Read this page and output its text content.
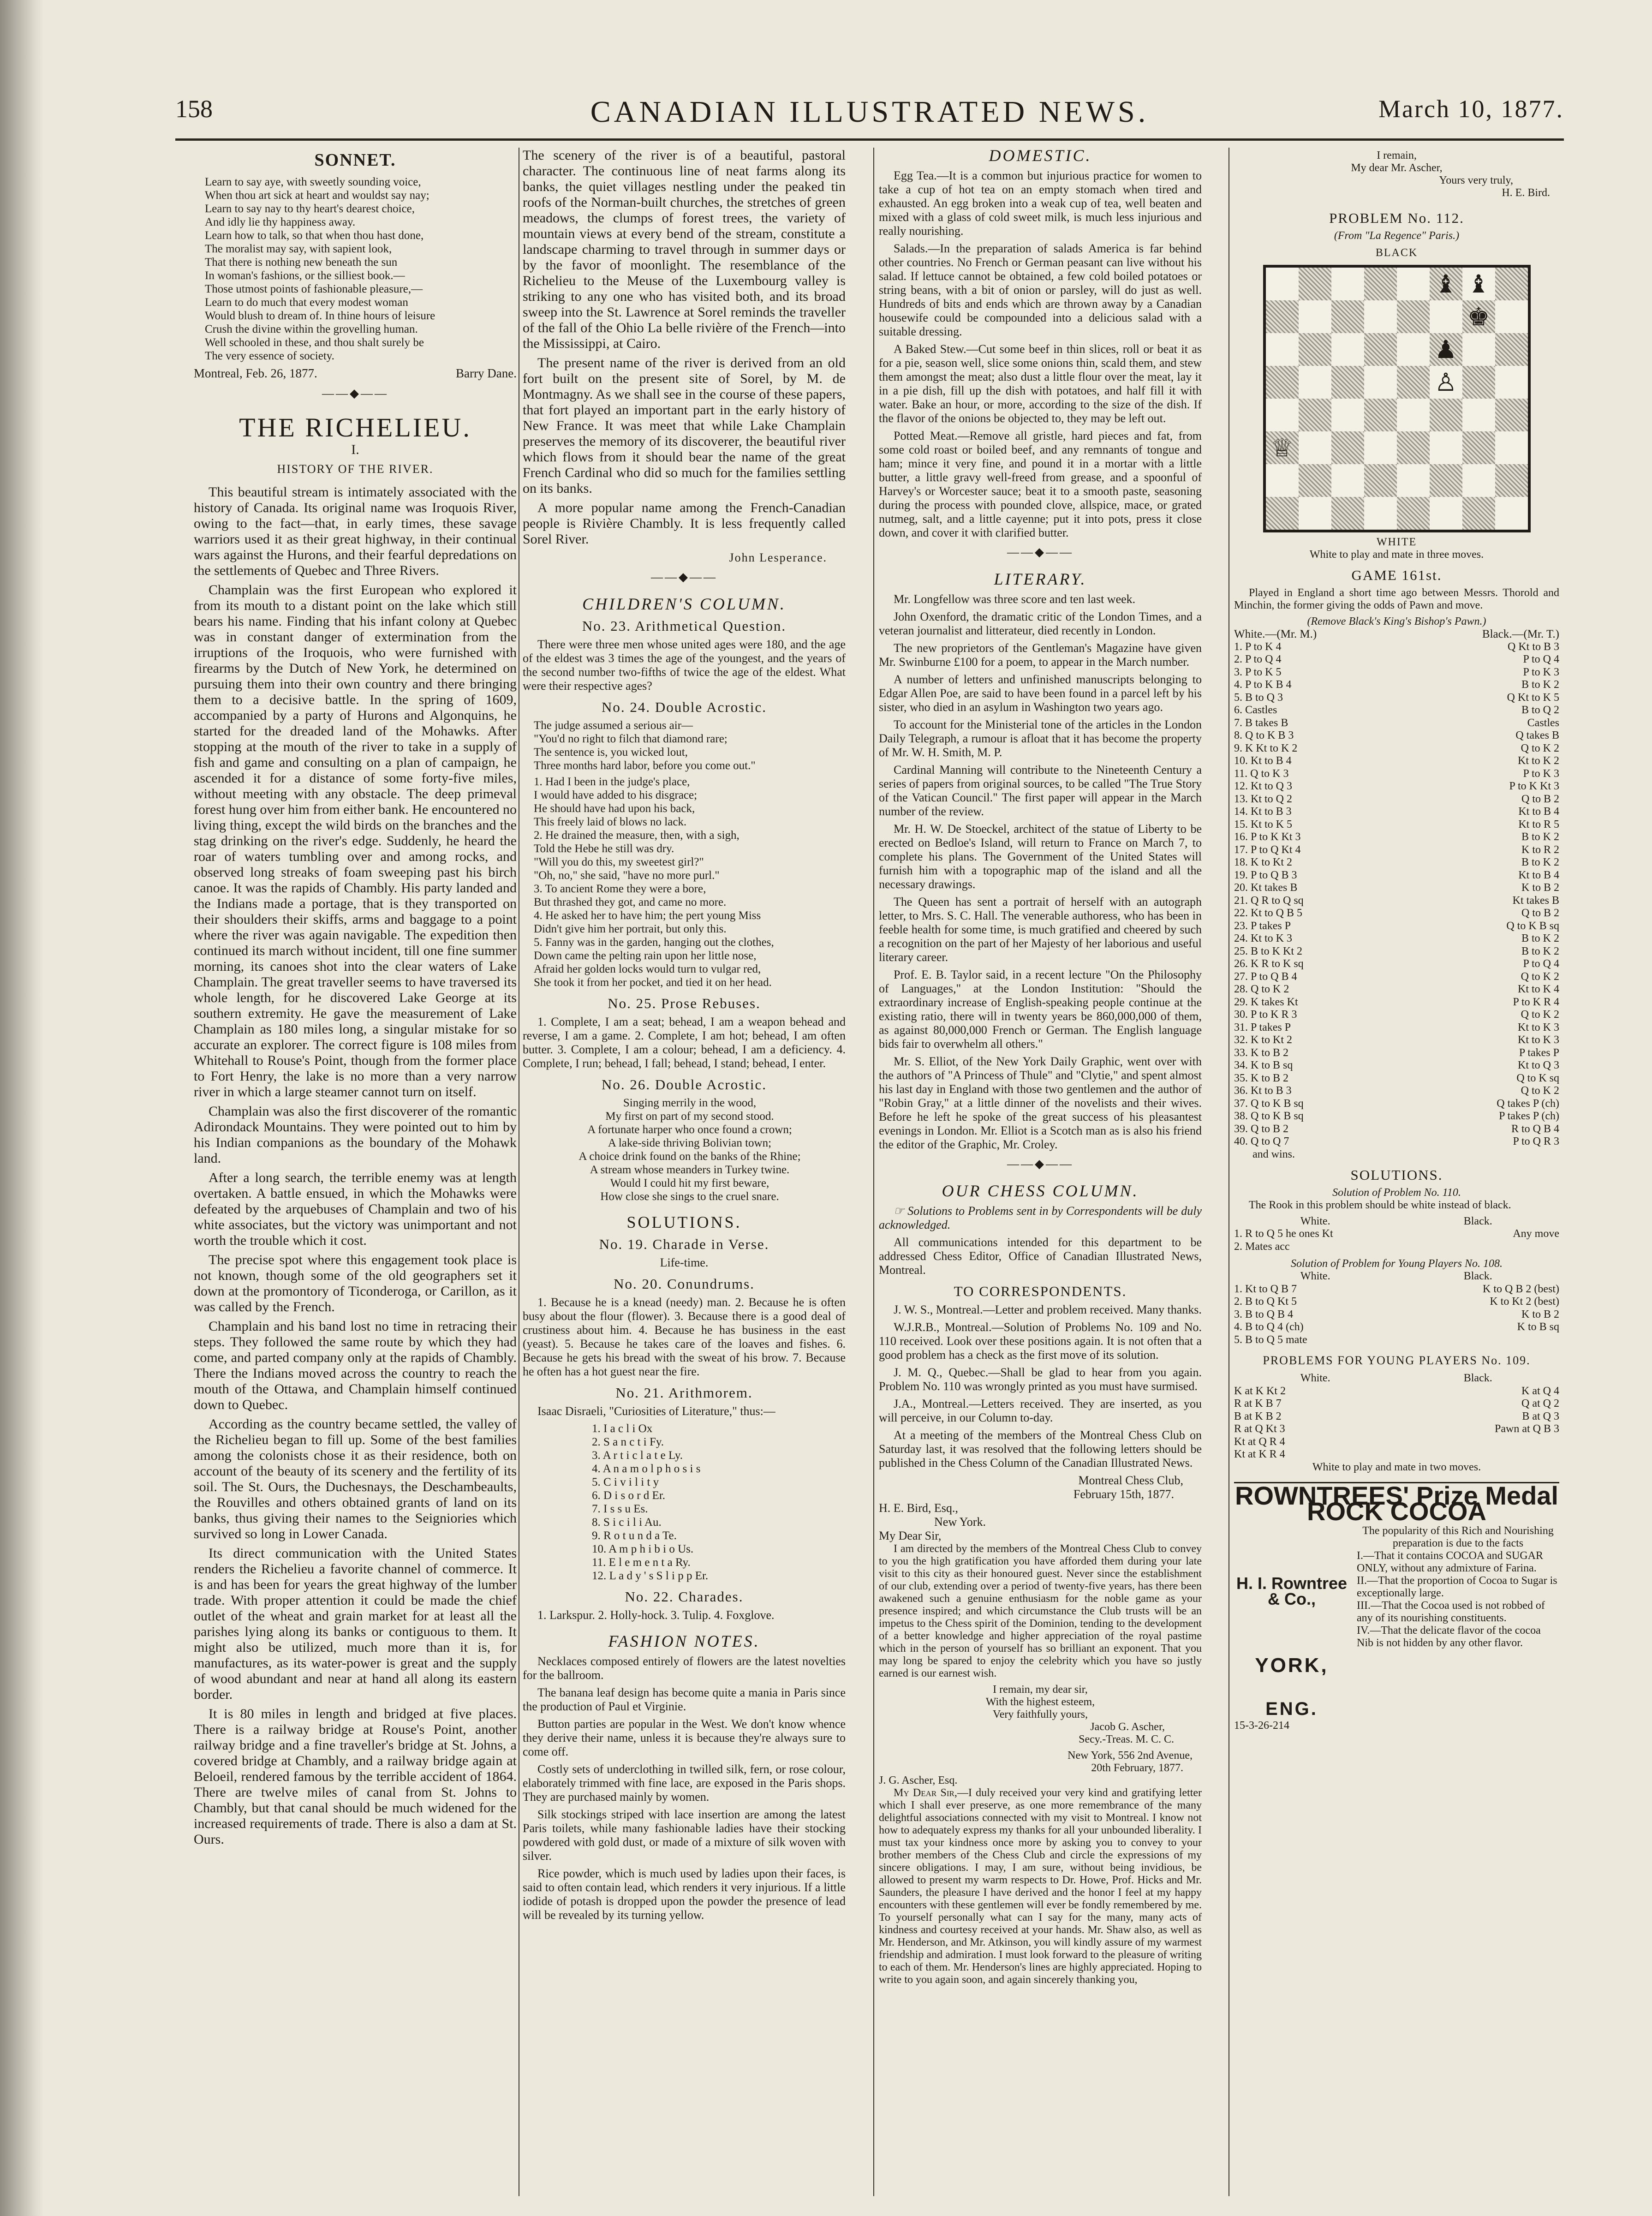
158	CANADIAN ILLUSTRATED NEWS.	March 10, 1877.
SONNET.
Learn to say aye, with sweetly sounding voice,
When thou art sick at heart and wouldst say nay;
Learn to say nay to thy heart's dearest choice,
And idly lie thy happiness away.
Learn how to talk, so that when thou hast done,
The moralist may say, with sapient look,
That there is nothing new beneath the sun
In woman's fashions, or the silliest book.—
Those utmost points of fashionable pleasure,—
Learn to do much that every modest woman
Would blush to dream of. In thine hours of leisure
Crush the divine within the grovelling human.
Well schooled in these, and thou shalt surely be
The very essence of society.
Montreal, Feb. 26, 1877.	Barry Dane.
——◆——
THE RICHELIEU.
I.
HISTORY OF THE RIVER.

This beautiful stream is intimately associated with the history of Canada. Its original name was Iroquois River, owing to the fact—that, in early times, these savage warriors used it as their great highway, in their continual wars against the Hurons, and their fearful depredations on the settlements of Quebec and Three Rivers.

Champlain was the first European who explored it from its mouth to a distant point on the lake which still bears his name. Finding that his infant colony at Quebec was in constant danger of extermination from the irruptions of the Iroquois, who were furnished with firearms by the Dutch of New York, he determined on pursuing them into their own country and there bringing them to a decisive battle. In the spring of 1609, accompanied by a party of Hurons and Algonquins, he started for the dreaded land of the Mohawks. After stopping at the mouth of the river to take in a supply of fish and game and consulting on a plan of campaign, he ascended it for a distance of some forty-five miles, without meeting with any obstacle. The deep primeval forest hung over him from either bank. He encountered no living thing, except the wild birds on the branches and the stag drinking on the river's edge. Suddenly, he heard the roar of waters tumbling over and among rocks, and observed long streaks of foam sweeping past his birch canoe. It was the rapids of Chambly. His party landed and the Indians made a portage, that is they transported on their shoulders their skiffs, arms and baggage to a point where the river was again navigable. The expedition then continued its march without incident, till one fine summer morning, its canoes shot into the clear waters of Lake Champlain. The great traveller seems to have traversed its whole length, for he discovered Lake George at its southern extremity. He gave the measurement of Lake Champlain as 180 miles long, a singular mistake for so accurate an explorer. The correct figure is 108 miles from Whitehall to Rouse's Point, though from the former place to Fort Henry, the lake is no more than a very narrow river in which a large steamer cannot turn on itself.

Champlain was also the first discoverer of the romantic Adirondack Mountains. They were pointed out to him by his Indian companions as the boundary of the Mohawk land.

After a long search, the terrible enemy was at length overtaken. A battle ensued, in which the Mohawks were defeated by the arquebuses of Champlain and two of his white associates, but the victory was unimportant and not worth the trouble which it cost.

The precise spot where this engagement took place is not known, though some of the old geographers set it down at the promontory of Ticonderoga, or Carillon, as it was called by the French.

Champlain and his band lost no time in retracing their steps. They followed the same route by which they had come, and parted company only at the rapids of Chambly. There the Indians moved across the country to reach the mouth of the Ottawa, and Champlain himself continued down to Quebec.

According as the country became settled, the valley of the Richelieu began to fill up. Some of the best families among the colonists chose it as their residence, both on account of the beauty of its scenery and the fertility of its soil. The St. Ours, the Duchesnays, the Deschambeaults, the Rouvilles and others obtained grants of land on its banks, thus giving their names to the Seigniories which survived so long in Lower Canada.

Its direct communication with the United States renders the Richelieu a favorite channel of commerce. It is and has been for years the great highway of the lumber trade. With proper attention it could be made the chief outlet of the wheat and grain market for at least all the parishes lying along its banks or contiguous to them. It might also be utilized, much more than it is, for manufactures, as its water-power is great and the supply of wood abundant and near at hand all along its eastern border.

It is 80 miles in length and bridged at five places. There is a railway bridge at Rouse's Point, another railway bridge and a fine traveller's bridge at St. Johns, a covered bridge at Chambly, and a railway bridge again at Beloeil, rendered famous by the terrible accident of 1864. There are twelve miles of canal from St. Johns to Chambly, but that canal should be much widened for the increased requirements of trade. There is also a dam at St. Ours.

The scenery of the river is of a beautiful, pastoral character. The continuous line of neat farms along its banks, the quiet villages nestling under the peaked tin roofs of the Norman-built churches, the stretches of green meadows, the clumps of forest trees, the variety of mountain views at every bend of the stream, constitute a landscape charming to travel through in summer days or by the favor of moonlight. The resemblance of the Richelieu to the Meuse of the Luxembourg valley is striking to any one who has visited both, and its broad sweep into the St. Lawrence at Sorel reminds the traveller of the fall of the Ohio La belle rivière of the French—into the Mississippi, at Cairo.

The present name of the river is derived from an old fort built on the present site of Sorel, by M. de Montmagny. As we shall see in the course of these papers, that fort played an important part in the early history of New France. It was meet that while Lake Champlain preserves the memory of its discoverer, the beautiful river which flows from it should bear the name of the great French Cardinal who did so much for the families settling on its banks.

A more popular name among the French-Canadian people is Rivière Chambly. It is less frequently called Sorel River.

John Lesperance.
——◆——
CHILDREN'S COLUMN.
No. 23. Arithmetical Question.

There were three men whose united ages were 180, and the age of the eldest was 3 times the age of the youngest, and the years of the second number two-fifths of twice the age of the eldest. What were their respective ages?

No. 24. Double Acrostic.
The judge assumed a serious air—
"You'd no right to filch that diamond rare;
The sentence is, you wicked lout,
Three months hard labor, before you come out."
1. Had I been in the judge's place,
I would have added to his disgrace;
He should have had upon his back,
This freely laid of blows no lack.
2. He drained the measure, then, with a sigh,
Told the Hebe he still was dry.
"Will you do this, my sweetest girl?"
"Oh, no," she said, "have no more purl."
3. To ancient Rome they were a bore,
But thrashed they got, and came no more.
4. He asked her to have him; the pert young Miss
Didn't give him her portrait, but only this.
5. Fanny was in the garden, hanging out the clothes,
Down came the pelting rain upon her little nose,
Afraid her golden locks would turn to vulgar red,
She took it from her pocket, and tied it on her head.
No. 25. Prose Rebuses.

1. Complete, I am a seat; behead, I am a weapon behead and reverse, I am a game. 2. Complete, I am hot; behead, I am often butter. 3. Complete, I am a colour; behead, I am a deficiency. 4. Complete, I run; behead, I fall; behead, I stand; behead, I enter.

No. 26. Double Acrostic.
Singing merrily in the wood,
My first on part of my second stood.
A fortunate harper who once found a crown;
A lake-side thriving Bolivian town;
A choice drink found on the banks of the Rhine;
A stream whose meanders in Turkey twine.
Would I could hit my first beware,
How close she sings to the cruel snare.
SOLUTIONS.
No. 19. Charade in Verse.
Life-time.
No. 20. Conundrums.

1. Because he is a knead (needy) man. 2. Because he is often busy about the flour (flower). 3. Because there is a good deal of crustiness about him. 4. Because he has business in the east (yeast). 5. Because he takes care of the loaves and fishes. 6. Because he gets his bread with the sweat of his brow. 7. Because he often has a hot guest near the fire.

No. 21. Arithmorem.

Isaac Disraeli, "Curiosities of Literature," thus:—

1. I a c l i Ox
2. S a n c t i Fy.
3. A r t i c l a t e Ly.
4. A n a m o l p h o s i s
5. C i v i l i t y
6. D i s o r d Er.
7. I s s u Es.
8. S i c i l i Au.
9. R o t u n d a Te.
10. A m p h i b i o Us.
11. E l e m e n t a Ry.
12. L a d y ' s S l i p p Er.
No. 22. Charades.

1. Larkspur. 2. Holly-hock. 3. Tulip. 4. Foxglove.

FASHION NOTES.

Necklaces composed entirely of flowers are the latest novelties for the ballroom.

The banana leaf design has become quite a mania in Paris since the production of Paul et Virginie.

Button parties are popular in the West. We don't know whence they derive their name, unless it is because they're always sure to come off.

Costly sets of underclothing in twilled silk, fern, or rose colour, elaborately trimmed with fine lace, are exposed in the Paris shops. They are purchased mainly by women.

Silk stockings striped with lace insertion are among the latest Paris toilets, while many fashionable ladies have their stocking powdered with gold dust, or made of a mixture of silk woven with silver.

Rice powder, which is much used by ladies upon their faces, is said to often contain lead, which renders it very injurious. If a little iodide of potash is dropped upon the powder the presence of lead will be revealed by its turning yellow.

DOMESTIC.

Egg Tea.—It is a common but injurious practice for women to take a cup of hot tea on an empty stomach when tired and exhausted. An egg broken into a weak cup of tea, well beaten and mixed with a glass of cold sweet milk, is much less injurious and really nourishing.

Salads.—In the preparation of salads America is far behind other countries. No French or German peasant can live without his salad. If lettuce cannot be obtained, a few cold boiled potatoes or string beans, with a bit of onion or parsley, will do just as well. Hundreds of bits and ends which are thrown away by a Canadian housewife could be compounded into a delicious salad with a suitable dressing.

A Baked Stew.—Cut some beef in thin slices, roll or beat it as for a pie, season well, slice some onions thin, scald them, and stew them amongst the meat; also dust a little flour over the meat, lay it in a pie dish, fill up the dish with potatoes, and half fill it with water. Bake an hour, or more, according to the size of the dish. If the flavor of the onions be objected to, they may be left out.

Potted Meat.—Remove all gristle, hard pieces and fat, from some cold roast or boiled beef, and any remnants of tongue and ham; mince it very fine, and pound it in a mortar with a little butter, a little gravy well-freed from grease, and a spoonful of Harvey's or Worcester sauce; beat it to a smooth paste, seasoning during the process with pounded clove, allspice, mace, or grated nutmeg, salt, and a little cayenne; put it into pots, press it close down, and cover it with clarified butter.

——◆——
LITERARY.

Mr. Longfellow was three score and ten last week.

John Oxenford, the dramatic critic of the London Times, and a veteran journalist and litterateur, died recently in London.

The new proprietors of the Gentleman's Magazine have given Mr. Swinburne £100 for a poem, to appear in the March number.

A number of letters and unfinished manuscripts belonging to Edgar Allen Poe, are said to have been found in a parcel left by his sister, who died in an asylum in Washington two years ago.

To account for the Ministerial tone of the articles in the London Daily Telegraph, a rumour is afloat that it has become the property of Mr. W. H. Smith, M. P.

Cardinal Manning will contribute to the Nineteenth Century a series of papers from original sources, to be called "The True Story of the Vatican Council." The first paper will appear in the March number of the review.

Mr. H. W. De Stoeckel, architect of the statue of Liberty to be erected on Bedloe's Island, will return to France on March 7, to complete his plans. The Government of the United States will furnish him with a topographic map of the island and all the necessary drawings.

The Queen has sent a portrait of herself with an autograph letter, to Mrs. S. C. Hall. The venerable authoress, who has been in feeble health for some time, is much gratified and cheered by such a recognition on the part of her Majesty of her laborious and useful literary career.

Prof. E. B. Taylor said, in a recent lecture "On the Philosophy of Languages," at the London Institution: "Should the extraordinary increase of English-speaking people continue at the existing ratio, there will in twenty years be 860,000,000 of them, as against 80,000,000 French or German. The English language bids fair to overwhelm all others."

Mr. S. Elliot, of the New York Daily Graphic, went over with the authors of "A Princess of Thule" and "Clytie," and spent almost his last day in England with those two gentlemen and the author of "Robin Gray," at a little dinner of the novelists and their wives. Before he left he spoke of the great success of his pleasantest evenings in London. Mr. Elliot is a Scotch man as is also his friend the editor of the Graphic, Mr. Croley.

——◆——
OUR CHESS COLUMN.

☞ Solutions to Problems sent in by Correspondents will be duly acknowledged.

All communications intended for this department to be addressed Chess Editor, Office of Canadian Illustrated News, Montreal.

TO CORRESPONDENTS.

J. W. S., Montreal.—Letter and problem received. Many thanks.

W.J.R.B., Montreal.—Solution of Problems No. 109 and No. 110 received. Look over these positions again. It is not often that a good problem has a check as the first move of its solution.

J. M. Q., Quebec.—Shall be glad to hear from you again. Problem No. 110 was wrongly printed as you must have surmised.

J.A., Montreal.—Letters received. They are inserted, as you will perceive, in our Column to-day.

At a meeting of the members of the Montreal Chess Club on Saturday last, it was resolved that the following letters should be published in the Chess Column of the Canadian Illustrated News.

Montreal Chess Club,
February 15th, 1877.
H. E. Bird, Esq.,
New York.
My Dear Sir,

I am directed by the members of the Montreal Chess Club to convey to you the high gratification you have afforded them during your late visit to this city as their honoured guest. Never since the establishment of our club, extending over a period of twenty-five years, has there been awakened such a genuine enthusiasm for the noble game as your presence inspired; and which circumstance the Club trusts will be an impetus to the Chess spirit of the Dominion, tending to the development of a better knowledge and higher appreciation of the royal pastime which in the person of yourself has so brilliant an exponent. That you may long be spared to enjoy the celebrity which you have so justly earned is our earnest wish.

I remain, my dear sir,
With the highest esteem,
Very faithfully yours,
Jacob G. Ascher,
Secy.-Treas. M. C. C.
New York, 556 2nd Avenue,
20th February, 1877.
J. G. Ascher, Esq.

My Dear Sir,—I duly received your very kind and gratifying letter which I shall ever preserve, as one more remembrance of the many delightful associations connected with my visit to Montreal. I know not how to adequately express my thanks for all your unbounded liberality. I must tax your kindness once more by asking you to convey to your brother members of the Chess Club and circle the expressions of my sincere obligations. I may, I am sure, without being invidious, be allowed to present my warm respects to Dr. Howe, Prof. Hicks and Mr. Saunders, the pleasure I have derived and the honor I feel at my happy encounters with these gentlemen will ever be fondly remembered by me. To yourself personally what can I say for the many, many acts of kindness and courtesy received at your hands. Mr. Shaw also, as well as Mr. Henderson, and Mr. Atkinson, you will kindly assure of my warmest friendship and admiration. I must look forward to the pleasure of writing to each of them. Mr. Henderson's lines are highly appreciated. Hoping to write to you again soon, and again sincerely thanking you,

I remain,
My dear Mr. Ascher,
Yours very truly,
H. E. Bird.
PROBLEM No. 112.
(From "La Regence" Paris.)
BLACK
♝ ♝
♚
♟
♙
♕
WHITE
White to play and mate in three moves.
GAME 161st.

Played in England a short time ago between Messrs. Thorold and Minchin, the former giving the odds of Pawn and move.

(Remove Black's King's Bishop's Pawn.)
White.—(Mr. M.)	Black.—(Mr. T.)
1. P to K 4	Q Kt to B 3
2. P to Q 4	P to Q 4
3. P to K 5	P to K 3
4. P to K B 4	B to K 2
5. B to Q 3	Q Kt to K 5
6. Castles	B to Q 2
7. B takes B	Castles
8. Q to K B 3	Q takes B
9. K Kt to K 2	Q to K 2
10. Kt to B 4	Kt to K 2
11. Q to K 3	P to K 3
12. Kt to Q 3	P to K Kt 3
13. Kt to Q 2	Q to B 2
14. Kt to B 3	Kt to B 4
15. Kt to K 5	Kt to R 5
16. P to K Kt 3	B to K 2
17. P to Q Kt 4	K to R 2
18. K to Kt 2	B to K 2
19. P to Q B 3	Kt to B 4
20. Kt takes B	K to B 2
21. Q R to Q sq	Kt takes B
22. Kt to Q B 5	Q to B 2
23. P takes P	Q to K B sq
24. Kt to K 3	B to K 2
25. B to K Kt 2	B to K 2
26. K R to K sq	P to Q 4
27. P to Q B 4	Q to K 2
28. Q to K 2	Kt to K 4
29. K takes Kt	P to K R 4
30. P to K R 3	Q to K 2
31. P takes P	Kt to K 3
32. K to Kt 2	Kt to K 3
33. K to B 2	P takes P
34. K to B sq	Kt to Q 3
35. K to B 2	Q to K sq
36. Kt to B 3	Q to K 2
37. Q to K B sq	Q takes P (ch)
38. Q to K B sq	P takes P (ch)
39. Q to B 2	R to Q B 4
40. Q to Q 7	P to Q R 3
and wins.
SOLUTIONS.
Solution of Problem No. 110.

The Rook in this problem should be white instead of black.

White.	Black.
1. R to Q 5 he ones Kt	Any move
2. Mates acc
Solution of Problem for Young Players No. 108.
White.	Black.
1. Kt to Q B 7	K to Q B 2 (best)
2. B to Q Kt 5	K to Kt 2 (best)
3. B to Q B 4	K to B 2
4. B to Q 4 (ch)	K to B sq
5. B to Q 5 mate
PROBLEMS FOR YOUNG PLAYERS No. 109.
White.	Black.
K at K Kt 2	K at Q 4
R at K B 7	Q at Q 2
B at K B 2	B at Q 3
R at Q Kt 3	Pawn at Q B 3
Kt at Q R 4
Kt at K R 4
White to play and mate in two moves.
ROWNTREES' Prize Medal ROCK COCOA
H. I. Rowntree & Co.,
YORK,
ENG.
The popularity of this Rich and Nourishing preparation is due to the facts
I.—That it contains COCOA and SUGAR ONLY, without any admixture of Farina.
II.—That the proportion of Cocoa to Sugar is exceptionally large.
III.—That the Cocoa used is not robbed of any of its nourishing constituents.
IV.—That the delicate flavor of the cocoa Nib is not hidden by any other flavor.
15-3-26-214
